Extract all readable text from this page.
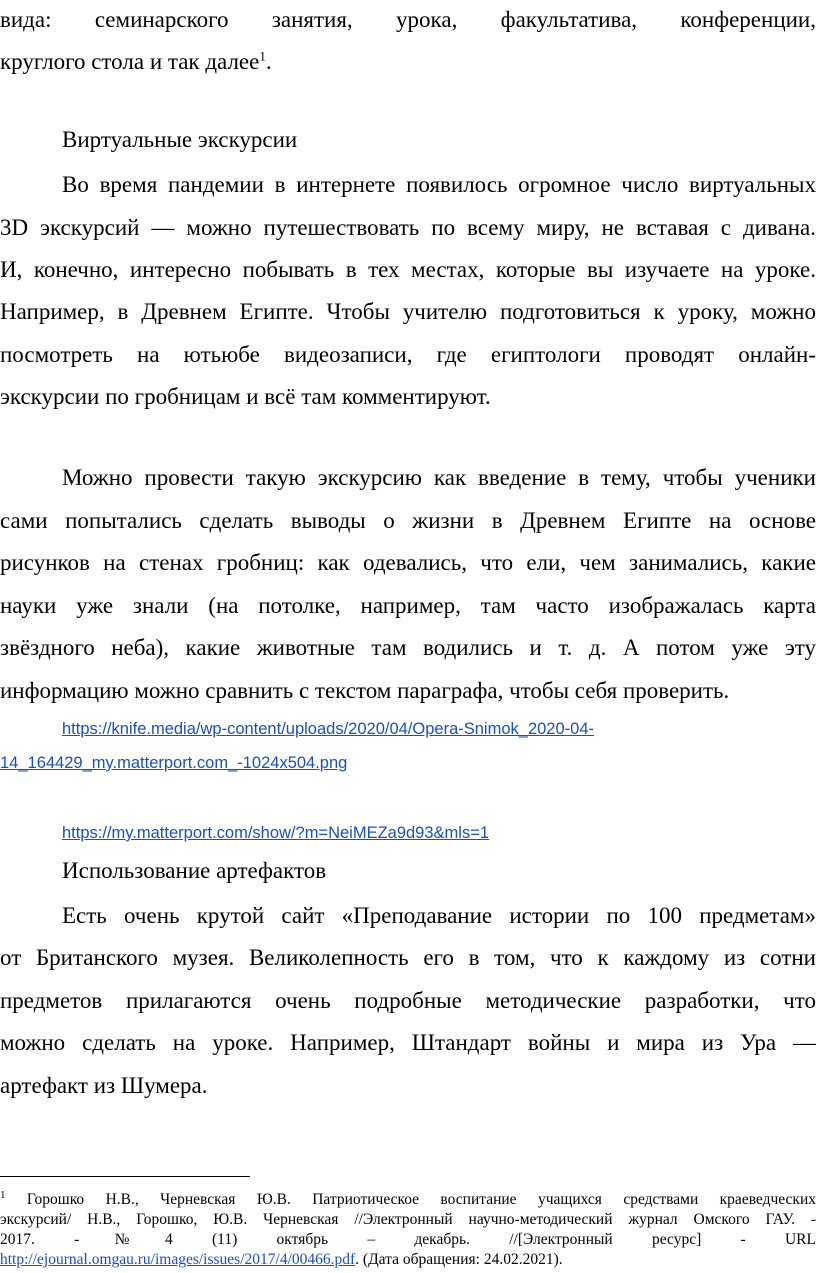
вида: семинарского занятия, урока, факультатива, конференции,
круглого стола и так далее$^1$.
Виртуальные экскурсии
Во время пандемии в интернете появилось огромное число виртуальных
3D экскурсий — можно путешествовать по всему миру, не вставая с дивана.
И, конечно, интересно побывать в тех местах, которые вы изучаете на уроке.
Например, в Древнем Египте. Чтобы учителю подготовиться к уроку, можно
посмотреть на ютьюбе видеозаписи, где египтологи проводят онлайн-
экскурсии по гробницам и всё там комментируют.
Можно провести такую экскурсию как введение в тему, чтобы ученики
сами попытались сделать выводы о жизни в Древнем Египте на основе
рисунков на стенах гробниц: как одевались, что ели, чем занимались, какие
науки уже знали (на потолке, например, там часто изображалась карта
звёздного неба), какие животные там водились и т. д. А потом уже эту
информацию можно сравнить с текстом параграфа, чтобы себя проверить.
https://knife.media/wp-content/uploads/2020/04/Opera-Snimok_2020-04-
14_164429_my.matterport.com_-1024x504.png
https://my.matterport.com/show/?m=NeiMEZa9d93&mls=1
Использование артефактов
Есть очень крутой сайт «Преподавание истории по 100 предметам»
от Британского музея. Великолепность его в том, что к каждому из сотни
предметов прилагаются очень подробные методические разработки, что
можно сделать на уроке. Например, Штандарт войны и мира из Ура —
артефакт из Шумера.
$^1$ Горошко Н.В., Черневская Ю.В. Патриотическое воспитание учащихся средствами краеведческих
экскурсий/ Н.В., Горошко, Ю.В. Черневская //Электронный научно-методический журнал Омского ГАУ. -
2017. -№4 (11) октябрь – декабрь. //[Электронный ресурс] - URL
http://ejournal.omgau.ru/images/issues/2017/4/00466.pdf. (Дата обращения: 24.02.2021).
